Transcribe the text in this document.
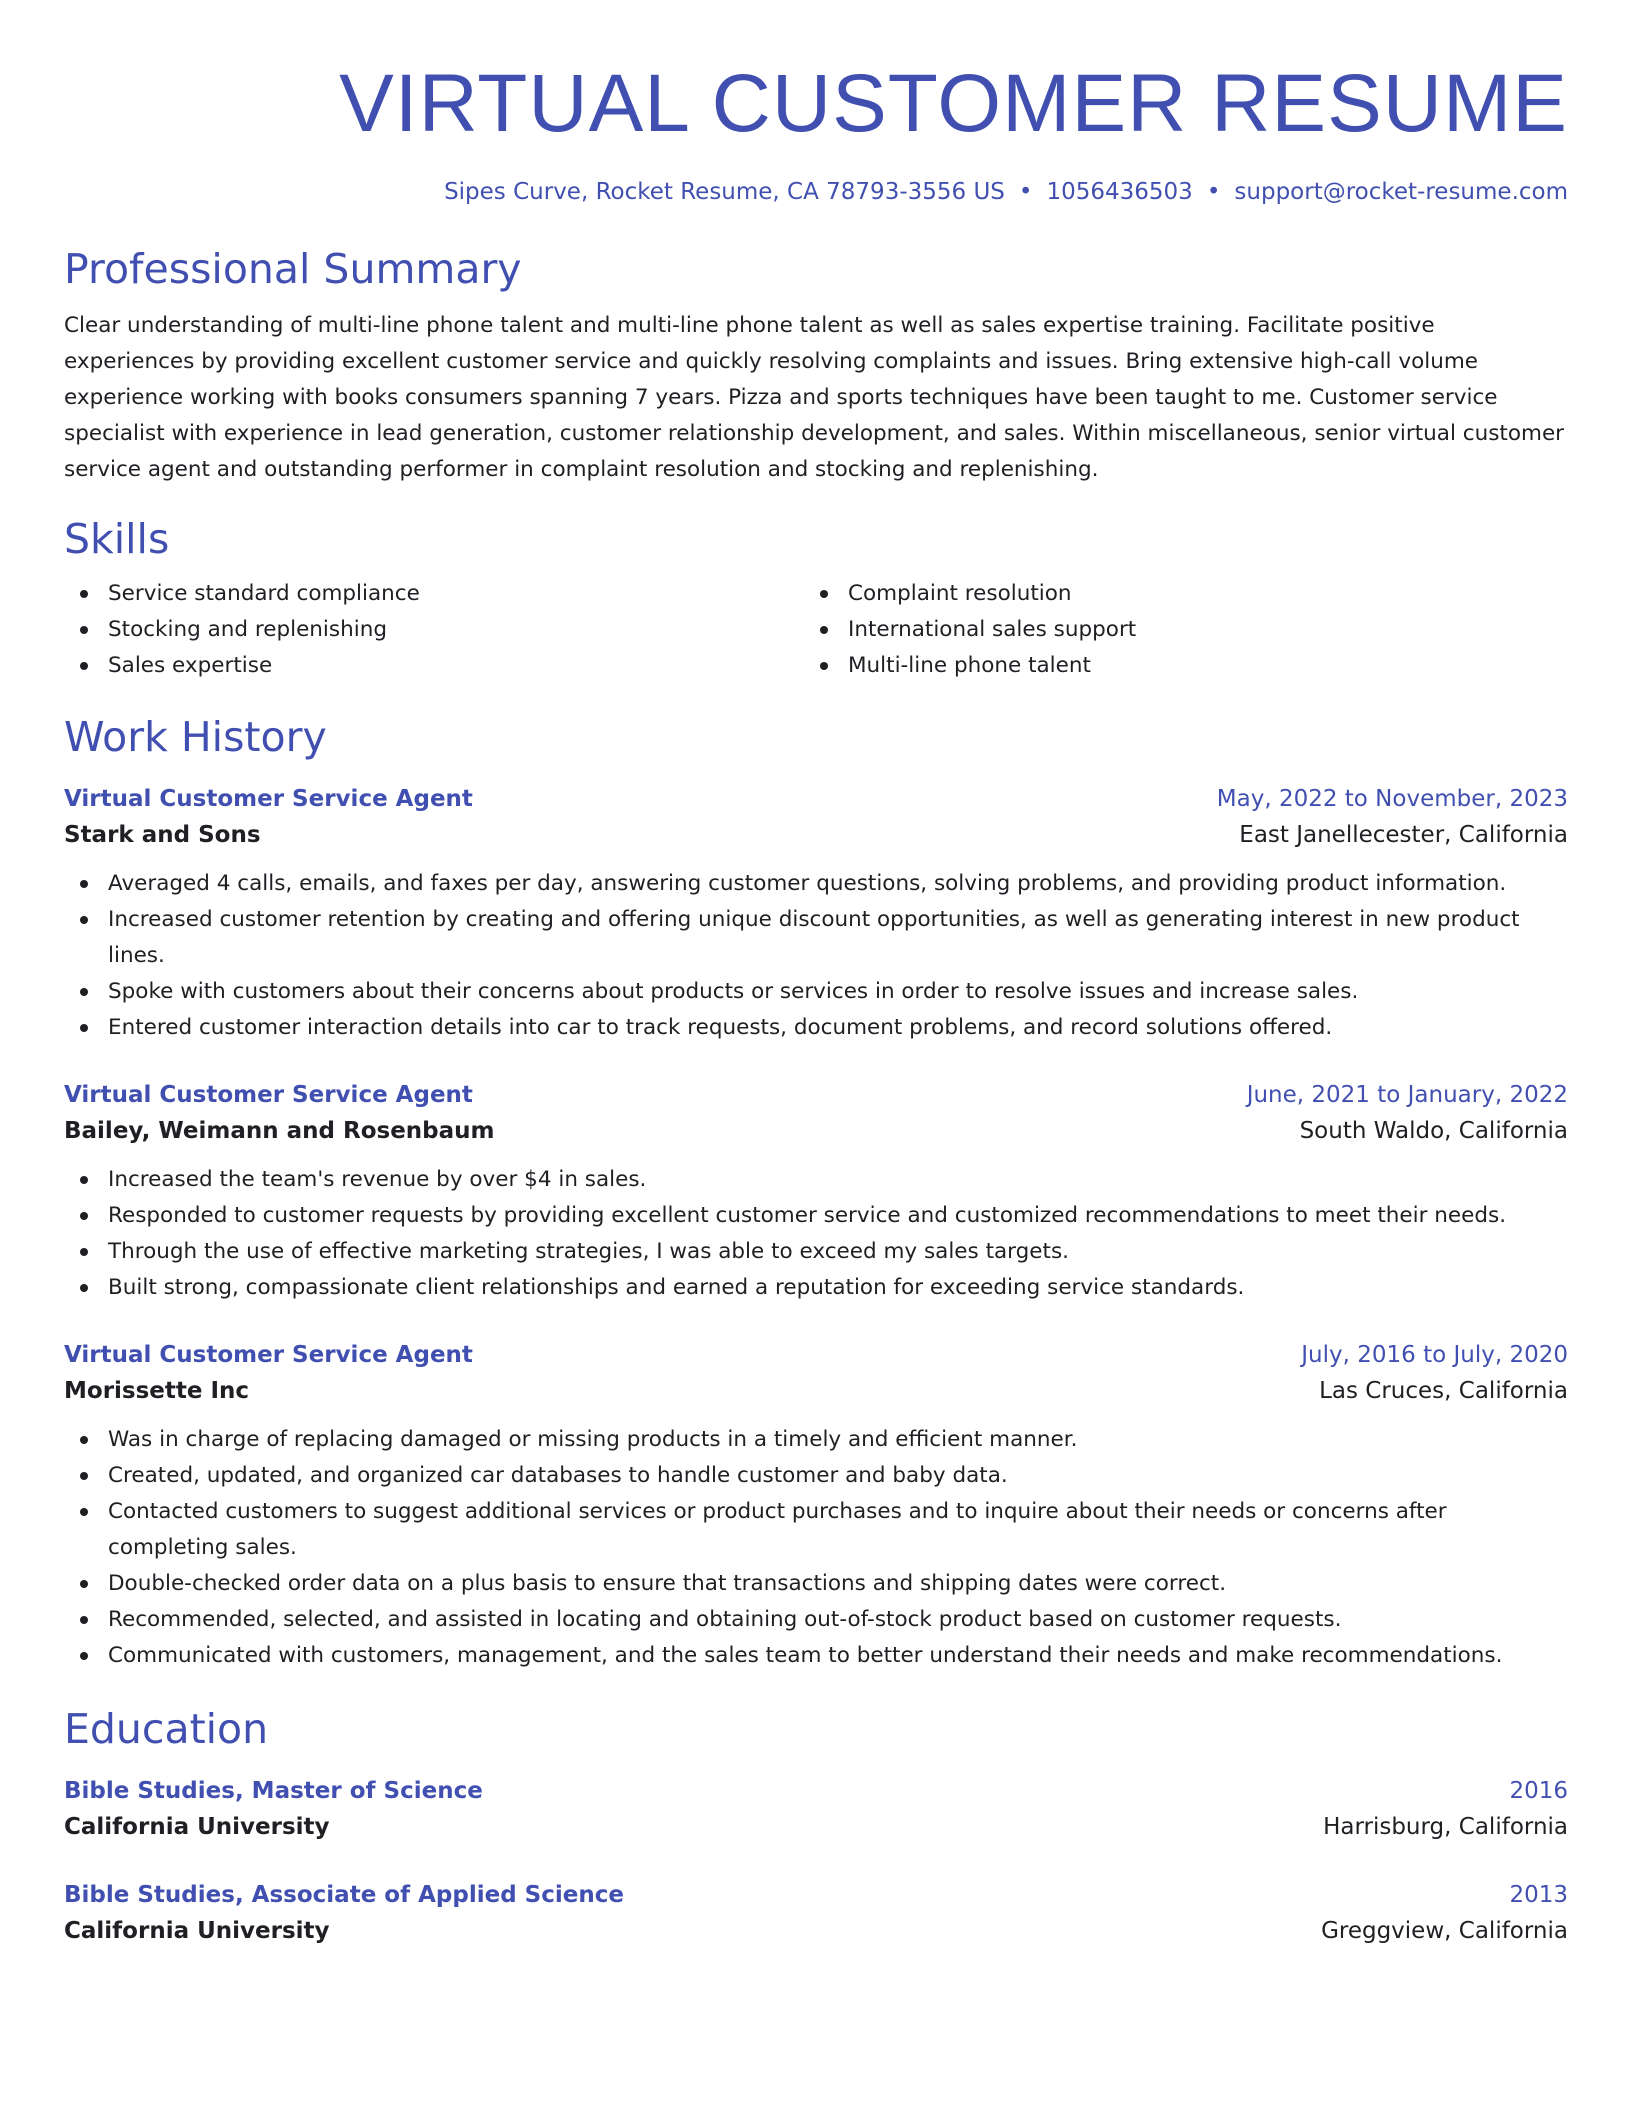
VIRTUAL CUSTOMER RESUME
Sipes Curve, Rocket Resume, CA 78793-3556 US • 1056436503 • support@rocket-resume.com
Professional Summary
Clear understanding of multi-line phone talent and multi-line phone talent as well as sales expertise training. Facilitate positive experiences by providing excellent customer service and quickly resolving complaints and issues. Bring extensive high-call volume experience working with books consumers spanning 7 years. Pizza and sports techniques have been taught to me. Customer service specialist with experience in lead generation, customer relationship development, and sales. Within miscellaneous, senior virtual customer service agent and outstanding performer in complaint resolution and stocking and replenishing.
Skills
Service standard compliance
Stocking and replenishing
Sales expertise
Complaint resolution
International sales support
Multi-line phone talent
Work History
Virtual Customer Service Agent	May, 2022 to November, 2023
Stark and Sons	East Janellecester, California
Averaged 4 calls, emails, and faxes per day, answering customer questions, solving problems, and providing product information.
Increased customer retention by creating and offering unique discount opportunities, as well as generating interest in new product lines.
Spoke with customers about their concerns about products or services in order to resolve issues and increase sales.
Entered customer interaction details into car to track requests, document problems, and record solutions offered.
Virtual Customer Service Agent	June, 2021 to January, 2022
Bailey, Weimann and Rosenbaum	South Waldo, California
Increased the team's revenue by over $4 in sales.
Responded to customer requests by providing excellent customer service and customized recommendations to meet their needs.
Through the use of effective marketing strategies, I was able to exceed my sales targets.
Built strong, compassionate client relationships and earned a reputation for exceeding service standards.
Virtual Customer Service Agent	July, 2016 to July, 2020
Morissette Inc	Las Cruces, California
Was in charge of replacing damaged or missing products in a timely and efficient manner.
Created, updated, and organized car databases to handle customer and baby data.
Contacted customers to suggest additional services or product purchases and to inquire about their needs or concerns after completing sales.
Double-checked order data on a plus basis to ensure that transactions and shipping dates were correct.
Recommended, selected, and assisted in locating and obtaining out-of-stock product based on customer requests.
Communicated with customers, management, and the sales team to better understand their needs and make recommendations.
Education
Bible Studies, Master of Science	2016
California University	Harrisburg, California
Bible Studies, Associate of Applied Science	2013
California University	Greggview, California
